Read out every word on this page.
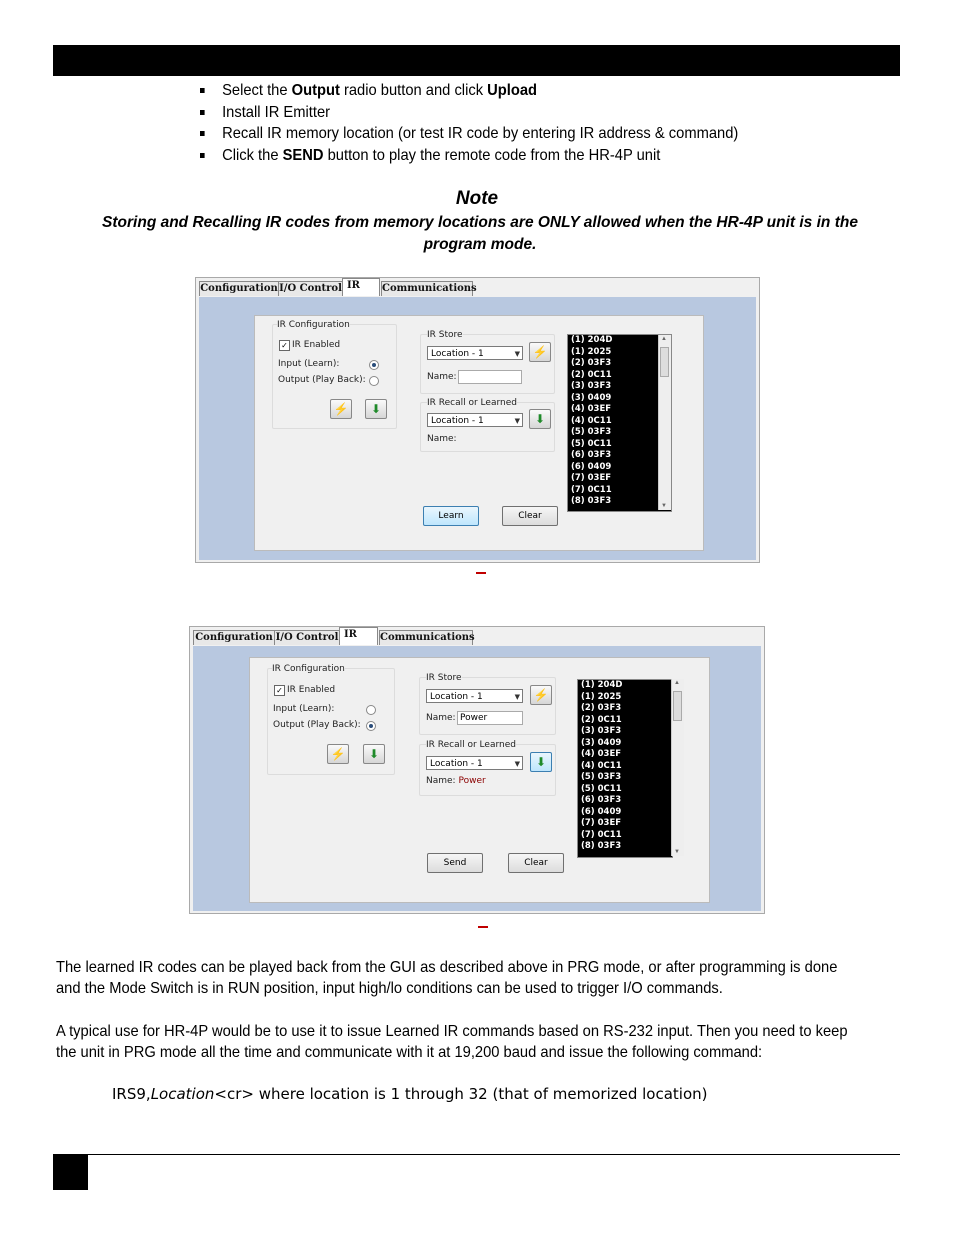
Select the Output radio button and click Upload
Install IR Emitter
Recall IR memory location (or test IR code by entering IR address & command)
Click the SEND button to play the remote code from the HR-4P unit
Note
Storing and Recalling IR codes from memory locations are ONLY allowed when the HR-4P unit is in the program mode.
Configuration I/O Control IR	Communications
IR Configuration
✓ IR Enabled
Input (Learn):
Output (Play Back):
⚡	⬇
IR Store
Location - 1	▼ ⚡
Name:
IR Recall or Learned
Location - 1	▼	⬇
Name:
(1) 204D
(1) 2025
(2) 03F3
(2) 0C11
(3) 03F3
(3) 0409
(4) 03EF
(4) 0C11
(5) 03F3
(5) 0C11
(6) 03F3
(6) 0409
(7) 03EF
(7) 0C11
(8) 03F3
▲
▼
Learn	Clear
Configuration I/O Control IR	Communications
IR Configuration
✓ IR Enabled
Input (Learn):
Output (Play Back):
⚡	⬇
IR Store
Location - 1	▼ ⚡
Name: Power
IR Recall or Learned
Location - 1	▼	⬇
Name: Power
(1) 204D
(1) 2025
(2) 03F3
(2) 0C11
(3) 03F3
(3) 0409
(4) 03EF
(4) 0C11
(5) 03F3
(5) 0C11
(6) 03F3
(6) 0409
(7) 03EF
(7) 0C11
(8) 03F3
▲
▼
Send	Clear
The learned IR codes can be played back from the GUI as described above in PRG mode, or after programming is done
and the Mode Switch is in RUN position, input high/lo conditions can be used to trigger I/O commands.
A typical use for HR-4P would be to use it to issue Learned IR commands based on RS-232 input. Then you need to keep
the unit in PRG mode all the time and communicate with it at 19,200 baud and issue the following command:
IRS9,Location<cr> where location is 1 through 32 (that of memorized location)
